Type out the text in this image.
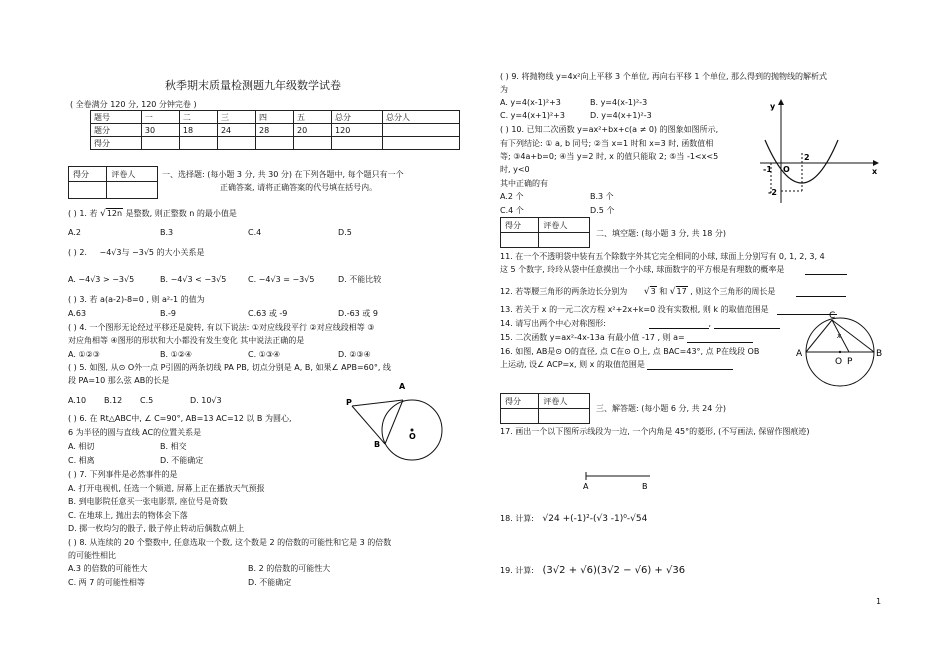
秋季期末质量检测题九年级数学试卷
( 全卷满分 120 分, 120 分钟完卷 )
题号	一	二	三	四	五	总分	总分人
题分	30	18	24	28	20	120	
得分							
得分	评卷人
		一、选择题: (每小题 3 分, 共 30 分) 在下列各题中, 每个题只有一个
正确答案, 请将正确答案的代号填在括号内。
( ) 1. 若 √12n 是整数, 则正整数 n 的最小值是
A.2	B.3	C.4	D.5
( ) 2. −4√3与 −3√5 的大小关系是
A. −4√3 > −3√5	B. −4√3 < −3√5	C. −4√3 = −3√5	D. 不能比较
( ) 3. 若 a(a-2)-8=0 , 则 a²-1 的值为
A.63	B.-9	C.63 或 -9	D.-63 或 9
( ) 4. 一个图形无论经过平移还是旋转, 有以下说法: ①对应线段平行 ②对应线段相等 ③
对应角相等 ④图形的形状和大小都没有发生变化 其中说法正确的是
A. ①②③	B. ①②④	C. ①③④	D. ②③④
( ) 5. 如图, 从⊙ O外一点 P引圆的两条切线 PA PB, 切点分别是 A, B, 如果∠ APB=60°, 线
段 PA=10 那么弦 AB的长是
A.10 B.12 C.5	D. 10√3
A
B
P
O
( ) 6. 在 Rt△ABC中, ∠ C=90°, AB=13 AC=12 以 B 为圆心,
6 为半径的圆与直线 AC的位置关系是
A. 相切	B. 相交
C. 相离	D. 不能确定
( ) 7. 下列事件是必然事件的是
A. 打开电视机, 任选一个频道, 屏幕上正在播放天气预报
B. 到电影院任意买一张电影票, 座位号是奇数
C. 在地球上, 抛出去的物体会下落
D. 掷一枚均匀的骰子, 骰子停止转动后偶数点朝上
( ) 8. 从连续的 20 个整数中, 任意选取一个数, 这个数是 2 的倍数的可能性和它是 3 的倍数
的可能性相比
A.3 的倍数的可能性大	B. 2 的倍数的可能性大
C. 两 7 的可能性相等	D. 不能确定
( ) 9. 将抛物线 y=4x²向上平移 3 个单位, 再向右平移 1 个单位, 那么得到的抛物线的解析式
为
A. y=4(x-1)²+3	B. y=4(x-1)²-3
C. y=4(x+1)²+3	D. y=4(x+1)²-3
( ) 10. 已知二次函数 y=ax²+bx+c(a ≠ 0) 的图象如图所示,
有下列结论: ① a, b 同号; ②当 x=1 时和 x=3 时, 函数值相
等; ③4a+b=0; ④当 y=2 时, x 的值只能取 2; ⑤当 -1<x<5
时, y<0
其中正确的有
A.2 个	B.3 个
C.4 个	D.5 个
y
x
O
-1
2
-2
得分	评卷人

二、填空题: (每小题 3 分, 共 18 分)
11. 在一个不透明袋中装有五个除数字外其它完全相同的小球, 球面上分别写有 0, 1, 2, 3, 4
这 5 个数字, 玲玲从袋中任意摸出一个小球, 球面数字的平方根是有理数的概率是
12. 若等腰三角形的两条边长分别为 √3 和 √17 , 则这个三角形的周长是
13. 若关于 x 的一元二次方程 x²+2x+k=0 没有实数根, 则 k 的取值范围是
14. 请写出两个中心对称图形:	,
15. 二次函数 y=ax²-4x-13a 有最小值 -17 , 则 a=
16. 如图, AB是⊙ O的直径, 点 C在⊙ O上, 点 BAC=43°, 点 P在线段 OB
上运动, 设∠ ACP=x, 则 x 的取值范围是
A	B
C
O P
x
得分	评卷人

三、解答题: (每小题 6 分, 共 24 分)
17. 画出一个以下图所示线段为一边, 一个内角是 45°的菱形, (不写画法, 保留作图痕迹)
A	B
18. 计算: √24 +(-1)²-(√3 -1)⁰-√54
19. 计算: (3√2 + √6)(3√2 − √6) + √36
1
